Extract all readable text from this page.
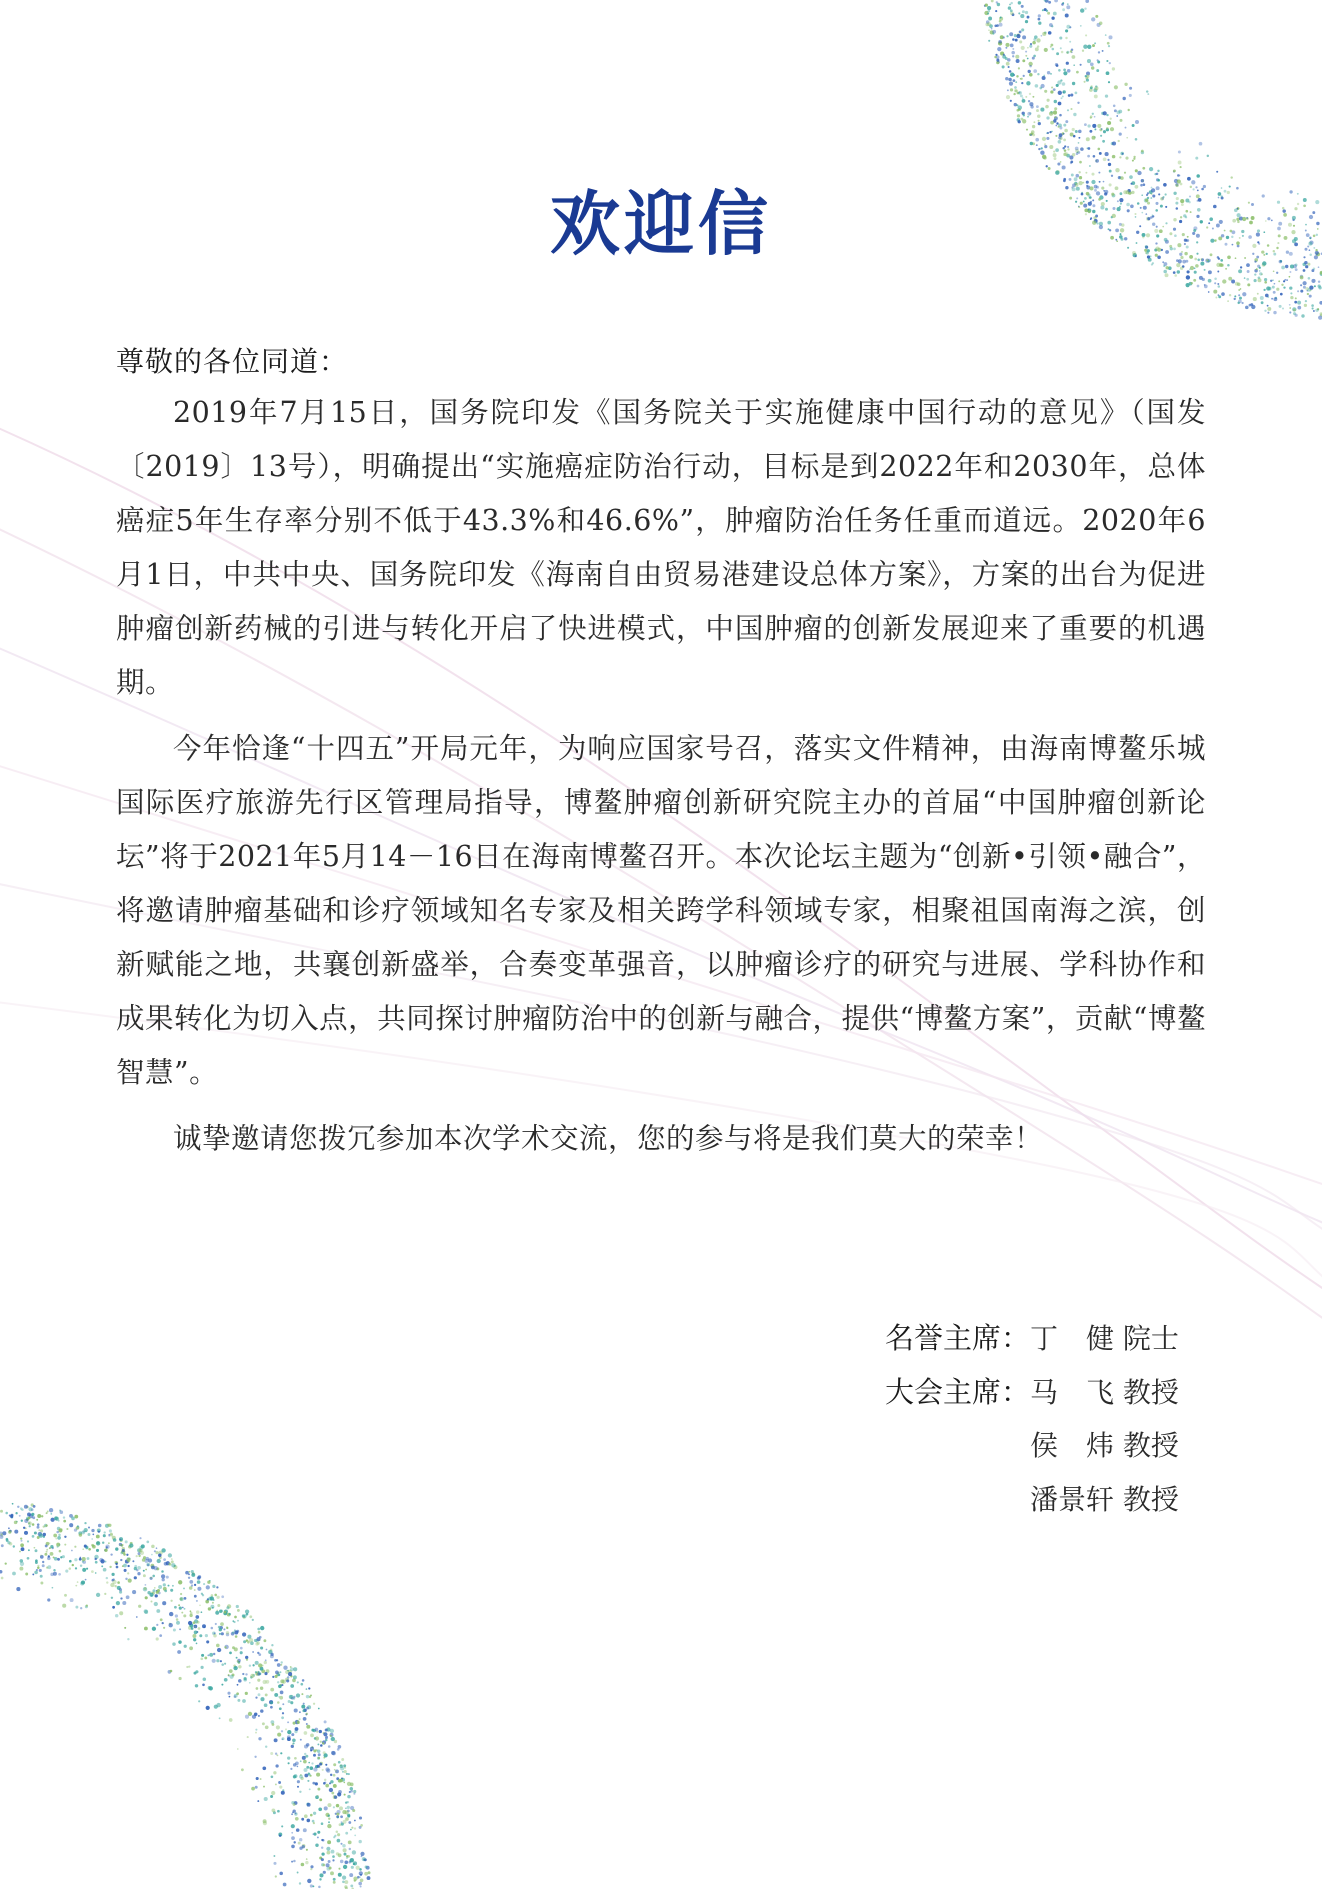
欢迎信
尊敬的各位同道：

2019年7月15日，国务院印发《国务院关于实施健康中国行动的意见》（国发〔2019〕13号），明确提出“实施癌症防治行动，目标是到2022年和2030年，总体癌症5年生存率分别不低于43.3%和46.6%”，肿瘤防治任务任重而道远。2020年6月1日，中共中央、国务院印发《海南自由贸易港建设总体方案》，方案的出台为促进肿瘤创新药械的引进与转化开启了快进模式，中国肿瘤的创新发展迎来了重要的机遇期。

今年恰逢“十四五”开局元年，为响应国家号召，落实文件精神，由海南博鳌乐城国际医疗旅游先行区管理局指导，博鳌肿瘤创新研究院主办的首届“中国肿瘤创新论坛”将于2021年5月14－16日在海南博鳌召开。本次论坛主题为“创新•引领•融合”，将邀请肿瘤基础和诊疗领域知名专家及相关跨学科领域专家，相聚祖国南海之滨，创新赋能之地，共襄创新盛举，合奏变革强音，以肿瘤诊疗的研究与进展、学科协作和成果转化为切入点，共同探讨肿瘤防治中的创新与融合，提供“博鳌方案”，贡献“博鳌智慧”。

诚挚邀请您拨冗参加本次学术交流，您的参与将是我们莫大的荣幸！

名誉主席： 丁　健 院士
大会主席： 马　飞 教授
侯　炜 教授
潘景轩 教授
